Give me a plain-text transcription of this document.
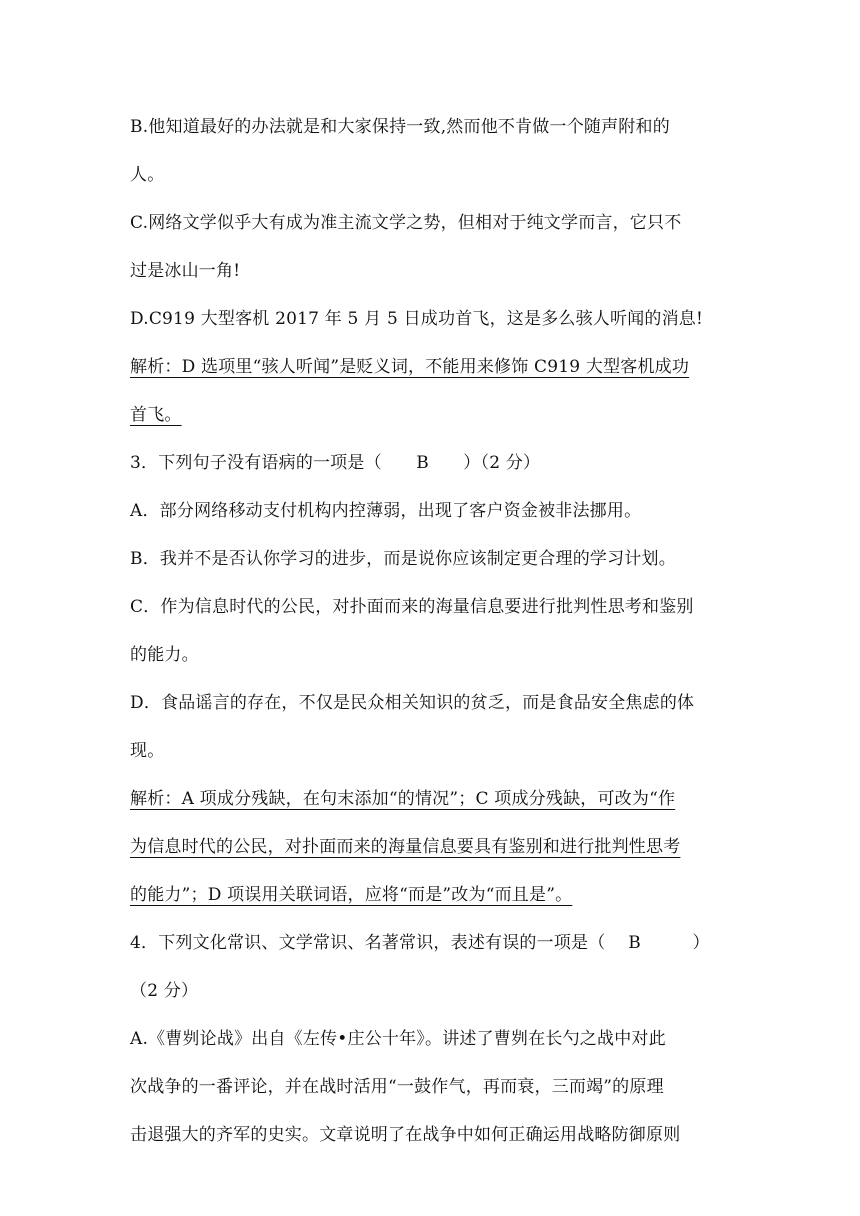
B.他知道最好的办法就是和大家保持一致,然而他不肯做一个随声附和的
人。
C.网络文学似乎大有成为准主流文学之势，但相对于纯文学而言，它只不
过是冰山一角!
D.C919 大型客机 2017 年 5 月 5 日成功首飞，这是多么骇人听闻的消息!
解析：D 选项里“骇人听闻”是贬义词，不能用来修饰 C919 大型客机成功
首飞。
3．下列句子没有语病的一项是（　　B　　）（2 分）
A．部分网络移动支付机构内控薄弱，出现了客户资金被非法挪用。
B．我并不是否认你学习的进步，而是说你应该制定更合理的学习计划。
C．作为信息时代的公民，对扑面而来的海量信息要进行批判性思考和鉴别
的能力。
D．食品谣言的存在，不仅是民众相关知识的贫乏，而是食品安全焦虑的体
现。
解析：A 项成分残缺，在句末添加“的情况”；C 项成分残缺，可改为“作
为信息时代的公民，对扑面而来的海量信息要具有鉴别和进行批判性思考
的能力”；D 项误用关联词语，应将“而是”改为“而且是”。
4．下列文化常识、文学常识、名著常识，表述有误的一项是（　 B　　　）
（2 分）
A.《曹刿论战》出自《左传•庄公十年》。讲述了曹刿在长勺之战中对此
次战争的一番评论，并在战时活用“一鼓作气，再而衰，三而竭”的原理
击退强大的齐军的史实。文章说明了在战争中如何正确运用战略防御原则
